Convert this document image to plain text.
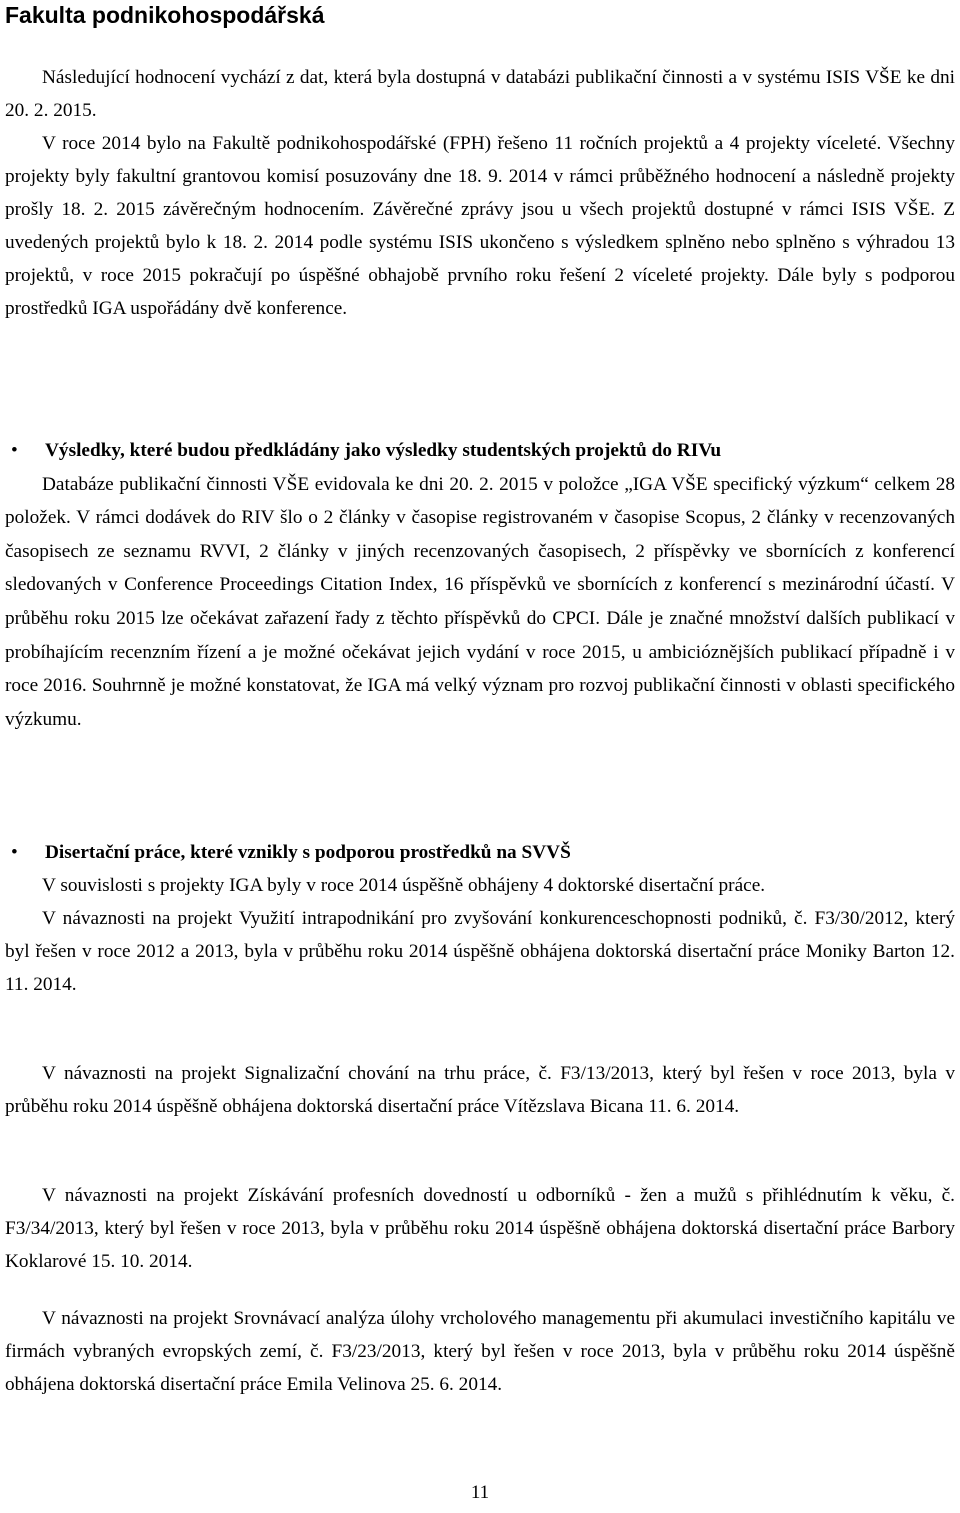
Fakulta podnikohospodářská

Následující hodnocení vychází z dat, která byla dostupná v databázi publikační činnosti a v systému ISIS VŠE ke dni 20. 2. 2015.

V roce 2014 bylo na Fakultě podnikohospodářské (FPH) řešeno 11 ročních projektů a 4 projekty víceleté. Všechny projekty byly fakultní grantovou komisí posuzovány dne 18. 9. 2014 v rámci průběžného hodnocení a následně projekty prošly 18. 2. 2015 závěrečným hodnocením. Závěrečné zprávy jsou u všech projektů dostupné v rámci ISIS VŠE. Z uvedených projektů bylo k 18. 2. 2014 podle systému ISIS ukončeno s výsledkem splněno nebo splněno s výhradou 13 projektů, v roce 2015 pokračují po úspěšné obhajobě prvního roku řešení 2 víceleté projekty. Dále byly s podporou prostředků IGA uspořádány dvě konference.

• Výsledky, které budou předkládány jako výsledky studentských projektů do RIVu

Databáze publikační činnosti VŠE evidovala ke dni 20. 2. 2015 v položce „IGA VŠE specifický výzkum“ celkem 28 položek. V rámci dodávek do RIV šlo o 2 články v časopise registrovaném v časopise Scopus, 2 články v recenzovaných časopisech ze seznamu RVVI, 2 články v jiných recenzovaných časopisech, 2 příspěvky ve sbornících z konferencí sledovaných v Conference Proceedings Citation Index, 16 příspěvků ve sbornících z konferencí s mezinárodní účastí. V průběhu roku 2015 lze očekávat zařazení řady z těchto příspěvků do CPCI. Dále je značné množství dalších publikací v probíhajícím recenzním řízení a je možné očekávat jejich vydání v roce 2015, u ambicióznějších publikací případně i v roce 2016. Souhrnně je možné konstatovat, že IGA má velký význam pro rozvoj publikační činnosti v oblasti specifického výzkumu.

• Disertační práce, které vznikly s podporou prostředků na SVVŠ

V souvislosti s projekty IGA byly v roce 2014 úspěšně obhájeny 4 doktorské disertační práce.

V návaznosti na projekt Využití intrapodnikání pro zvyšování konkurenceschopnosti podniků, č. F3/30/2012, který byl řešen v roce 2012 a 2013, byla v průběhu roku 2014 úspěšně obhájena doktorská disertační práce Moniky Barton 12. 11. 2014.

V návaznosti na projekt Signalizační chování na trhu práce, č. F3/13/2013, který byl řešen v roce 2013, byla v průběhu roku 2014 úspěšně obhájena doktorská disertační práce Vítězslava Bicana 11. 6. 2014.

V návaznosti na projekt Získávání profesních dovedností u odborníků - žen a mužů s přihlédnutím k věku, č. F3/34/2013, který byl řešen v roce 2013, byla v průběhu roku 2014 úspěšně obhájena doktorská disertační práce Barbory Koklarové 15. 10. 2014.

V návaznosti na projekt Srovnávací analýza úlohy vrcholového managementu při akumulaci investičního kapitálu ve firmách vybraných evropských zemí, č. F3/23/2013, který byl řešen v roce 2013, byla v průběhu roku 2014 úspěšně obhájena doktorská disertační práce Emila Velinova 25. 6. 2014.

11
